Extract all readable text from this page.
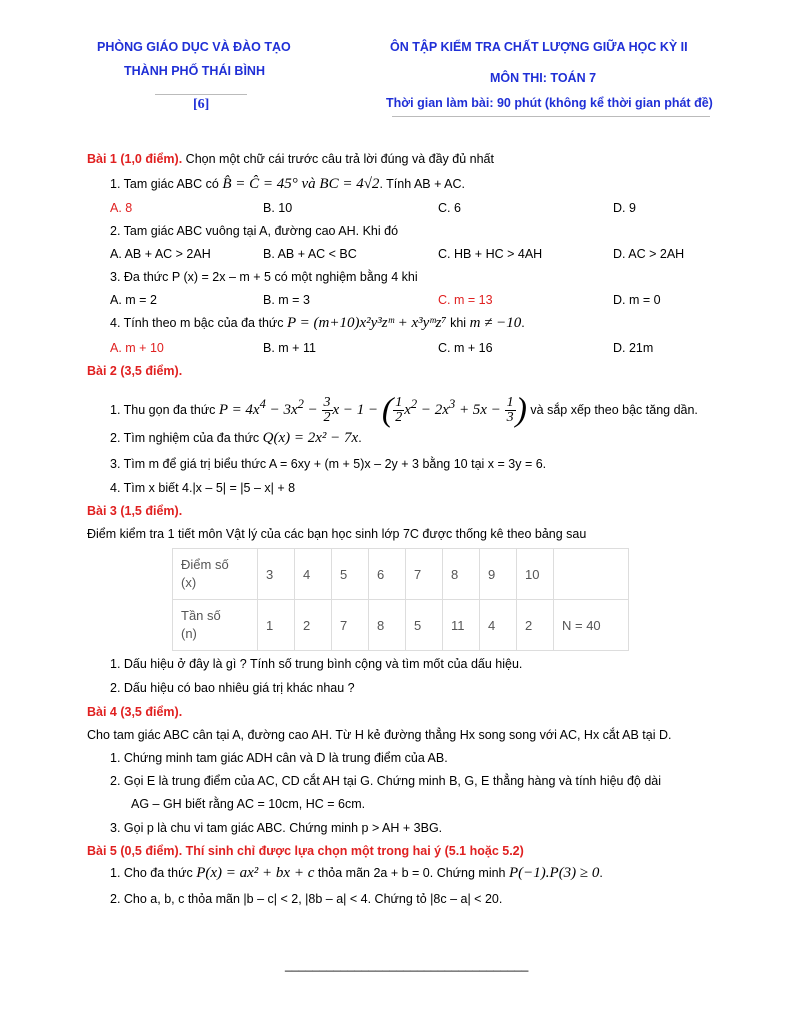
PHÒNG GIÁO DỤC VÀ ĐÀO TẠO
THÀNH PHỐ THÁI BÌNH
[6]
ÔN TẬP KIỂM TRA CHẤT LƯỢNG GIỮA HỌC KỲ II
MÔN THI: TOÁN 7
Thời gian làm bài: 90 phút (không kể thời gian phát đề)
Bài 1 (1,0 điểm). Chọn một chữ cái trước câu trả lời đúng và đầy đủ nhất
1. Tam giác ABC có B̂ = Ĉ = 45° và BC = 4√2. Tính AB + AC.
A. 8	B. 10	C. 6	D. 9
2. Tam giác ABC vuông tại A, đường cao AH. Khi đó
A. AB + AC > 2AH	B. AB + AC < BC	C. HB + HC > 4AH	D. AC > 2AH
3. Đa thức P (x) = 2x – m + 5 có một nghiệm bằng 4 khi
A. m = 2	B. m = 3	C. m = 13	D. m = 0
4. Tính theo m bậc của đa thức P = (m+10)x²y³zᵐ + x³yᵐz⁷ khi m ≠ −10.
A. m + 10	B. m + 11	C. m + 16	D. 21m
Bài 2 (3,5 điểm).
1. Thu gọn đa thức $P = 4x^4 - 3x^2 - \frac{3}{2}$ x − 1 − ( $\frac{1}{2} x^2 - 2x^3 + 5x - \frac{1}{3}$ ) và sắp xếp theo bậc tăng dần.
2. Tìm nghiệm của đa thức Q(x) = 2x² − 7x.
3. Tìm m để giá trị biểu thức A = 6xy + (m + 5)x – 2y + 3 bằng 10 tại x = 3y = 6.
4. Tìm x biết 4.|x – 5| = |5 – x| + 8
Bài 3 (1,5 điểm).
Điểm kiểm tra 1 tiết môn Vật lý của các bạn học sinh lớp 7C được thống kê theo bảng sau
Điểm số
(x)	3	4	5	6	7	8	9	10	
Tần số
(n)	1	2	7	8	5	11	4	2	N = 40
1. Dấu hiệu ở đây là gì ? Tính số trung bình cộng và tìm mốt của dấu hiệu.
2. Dấu hiệu có bao nhiêu giá trị khác nhau ?
Bài 4 (3,5 điểm).
Cho tam giác ABC cân tại A, đường cao AH. Từ H kẻ đường thẳng Hx song song với AC, Hx cắt AB tại D.
1. Chứng minh tam giác ADH cân và D là trung điểm của AB.
2. Gọi E là trung điểm của AC, CD cắt AH tại G. Chứng minh B, G, E thẳng hàng và tính hiệu độ dài
AG – GH biết rằng AC = 10cm, HC = 6cm.
3. Gọi p là chu vi tam giác ABC. Chứng minh p > AH + 3BG.
Bài 5 (0,5 điểm). Thí sinh chỉ được lựa chọn một trong hai ý (5.1 hoặc 5.2)
1. Cho đa thức P(x) = ax² + bx + c thỏa mãn 2a + b = 0. Chứng minh P(−1).P(3) ≥ 0.
2. Cho a, b, c thỏa mãn |b – c| < 2, |8b – a| < 4. Chứng tỏ |8c – a| < 20.
___________________________________
